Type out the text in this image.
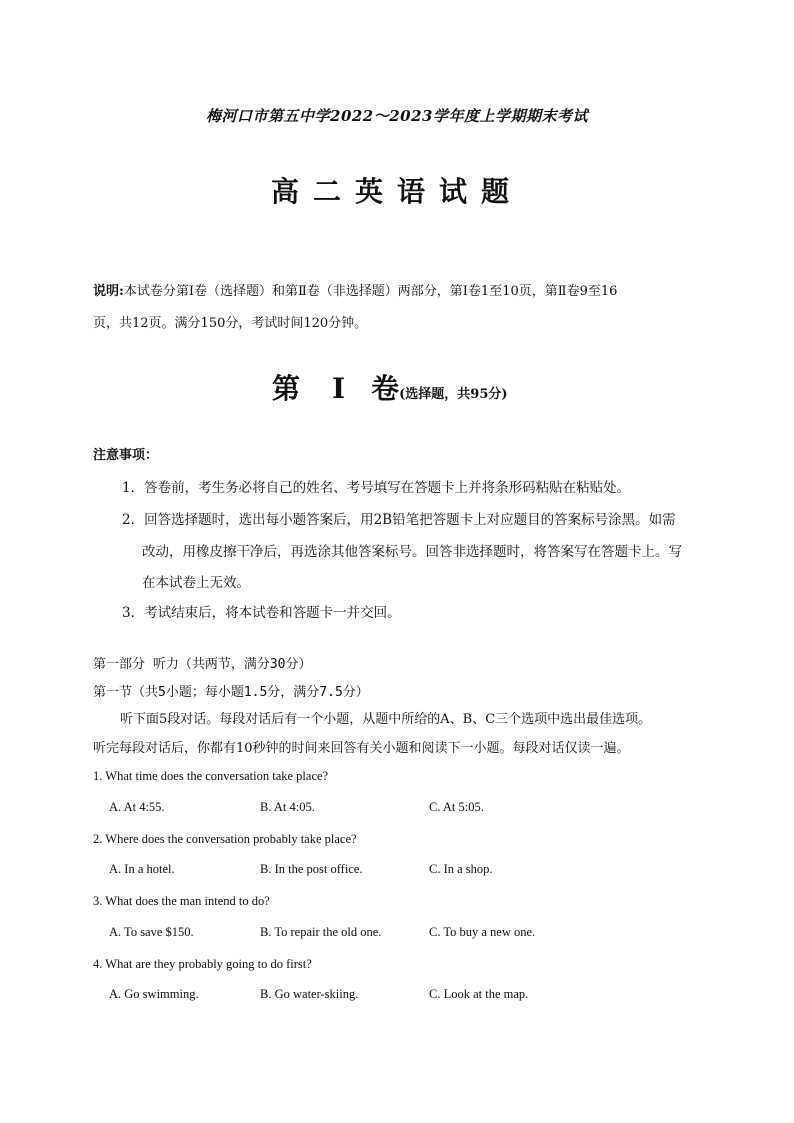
梅河口市第五中学2022～2023学年度上学期期末考试
高二英语试题
说明:本试卷分第Ⅰ卷（选择题）和第Ⅱ卷（非选择题）两部分，第Ⅰ卷1至10页，第Ⅱ卷9至16
页，共12页。满分150分，考试时间120分钟。
第 I 卷(选择题，共95分)
注意事项：
1．答卷前，考生务必将自己的姓名、考号填写在答题卡上并将条形码粘贴在粘贴处。
2．回答选择题时，选出每小题答案后，用2B铅笔把答题卡上对应题目的答案标号涂黑。如需
改动，用橡皮擦干净后，再选涂其他答案标号。回答非选择题时，将答案写在答题卡上。写
在本试卷上无效。
3．考试结束后，将本试卷和答题卡一并交回。
第一部分 听力（共两节，满分30分）
第一节（共5小题；每小题1.5分，满分7.5分）
听下面5段对话。每段对话后有一个小题，从题中所给的A、B、C三个选项中选出最佳选项。
听完每段对话后，你都有10秒钟的时间来回答有关小题和阅读下一小题。每段对话仅读一遍。
1. What time does the conversation take place?
A. At 4:55.	B. At 4:05.	C. At 5:05.
2. Where does the conversation probably take place?
A. In a hotel.	B. In the post office.	C. In a shop.
3. What does the man intend to do?
A. To save $150.	B. To repair the old one.	C. To buy a new one.
4. What are they probably going to do first?
A. Go swimming.	B. Go water-skiing.	C. Look at the map.
